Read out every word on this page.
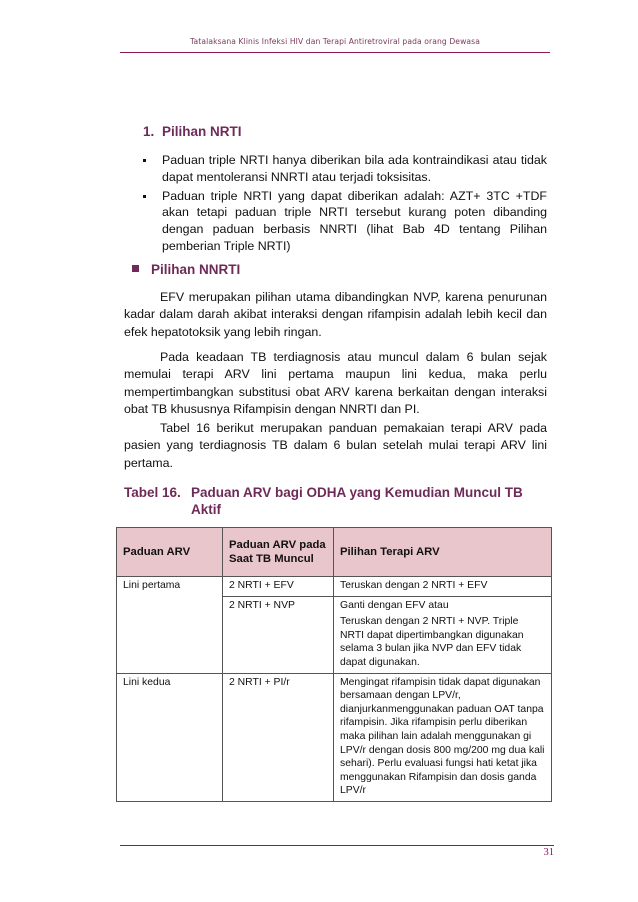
Tatalaksana Klinis Infeksi HIV dan Terapi Antiretroviral pada orang Dewasa
1. Pilihan NRTI
Paduan triple NRTI hanya diberikan bila ada kontraindikasi atau tidak dapat mentoleransi NNRTI atau terjadi toksisitas.
Paduan triple NRTI yang dapat diberikan adalah: AZT+ 3TC +TDF akan tetapi paduan triple NRTI tersebut kurang poten dibanding dengan paduan berbasis NNRTI (lihat Bab 4D tentang Pilihan pemberian Triple NRTI)
Pilihan NNRTI

EFV merupakan pilihan utama dibandingkan NVP, karena penurunan kadar dalam darah akibat interaksi dengan rifampisin adalah lebih kecil dan efek hepatotoksik yang lebih ringan.

Pada keadaan TB terdiagnosis atau muncul dalam 6 bulan sejak memulai terapi ARV lini pertama maupun lini kedua, maka perlu mempertimbangkan substitusi obat ARV karena berkaitan dengan interaksi obat TB khususnya Rifampisin dengan NNRTI dan PI.

Tabel 16 berikut merupakan panduan pemakaian terapi ARV pada pasien yang terdiagnosis TB dalam 6 bulan setelah mulai terapi ARV lini pertama.

Tabel 16. Paduan ARV bagi ODHA yang Kemudian Muncul TB
Aktif
Paduan ARV	Paduan ARV pada Saat TB Muncul	Pilihan Terapi ARV
Lini pertama	2 NRTI + EFV	Teruskan dengan 2 NRTI + EFV

	2 NRTI + NVP	Ganti dengan EFV atau
Teruskan dengan 2 NRTI + NVP. Triple NRTI dapat dipertimbangkan digunakan selama 3 bulan jika NVP dan EFV tidak dapat digunakan.

Lini kedua	2 NRTI + PI/r	Mengingat rifampisin tidak dapat digunakan bersamaan dengan LPV/r, dianjurkanmenggunakan paduan OAT tanpa rifampisin. Jika rifampisin perlu diberikan maka pilihan lain adalah menggunakan gi LPV/r dengan dosis 800 mg/200 mg dua kali sehari). Perlu evaluasi fungsi hati ketat jika menggunakan Rifampisin dan dosis ganda LPV/r
31
